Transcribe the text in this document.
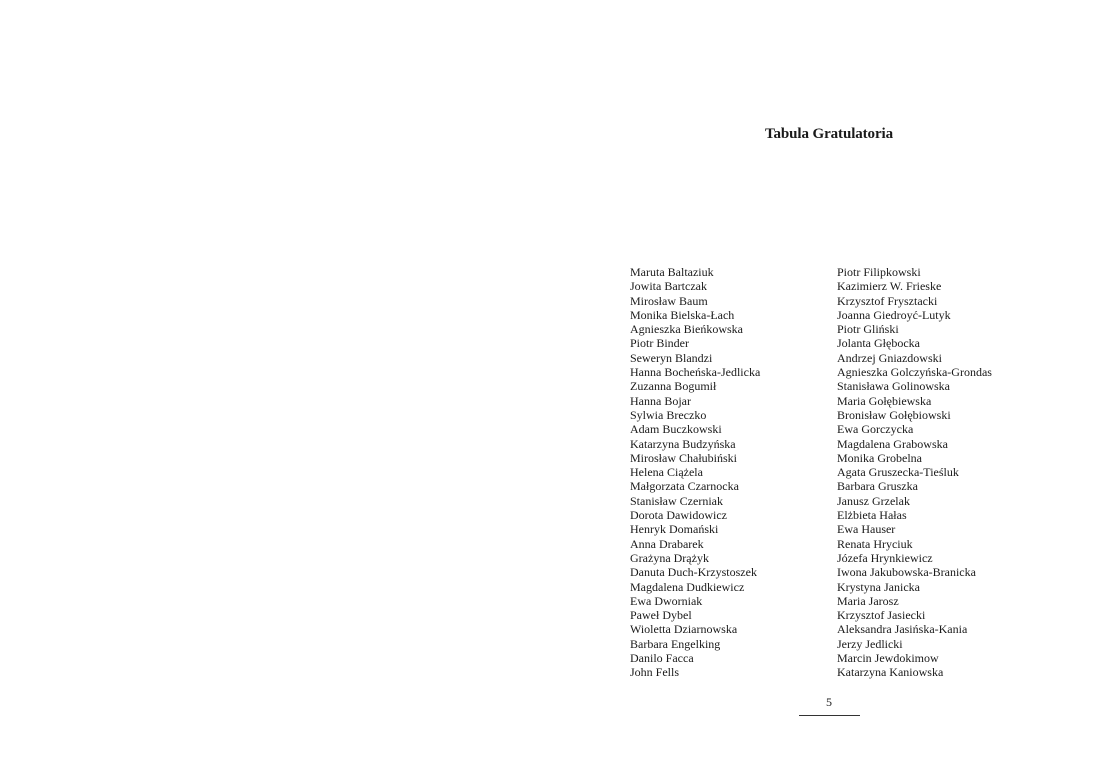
Tabula Gratulatoria
Maruta Baltaziuk
Jowita Bartczak
Mirosław Baum
Monika Bielska-Łach
Agnieszka Bieńkowska
Piotr Binder
Seweryn Blandzi
Hanna Bocheńska-Jedlicka
Zuzanna Bogumił
Hanna Bojar
Sylwia Breczko
Adam Buczkowski
Katarzyna Budzyńska
Mirosław Chałubiński
Helena Ciążela
Małgorzata Czarnocka
Stanisław Czerniak
Dorota Dawidowicz
Henryk Domański
Anna Drabarek
Grażyna Drążyk
Danuta Duch-Krzystoszek
Magdalena Dudkiewicz
Ewa Dworniak
Paweł Dybel
Wioletta Dziarnowska
Barbara Engelking
Danilo Facca
John Fells
Piotr Filipkowski
Kazimierz W. Frieske
Krzysztof Frysztacki
Joanna Giedroyć-Lutyk
Piotr Gliński
Jolanta Głębocka
Andrzej Gniazdowski
Agnieszka Golczyńska-Grondas
Stanisława Golinowska
Maria Gołębiewska
Bronisław Gołębiowski
Ewa Gorczycka
Magdalena Grabowska
Monika Grobelna
Agata Gruszecka-Tieśluk
Barbara Gruszka
Janusz Grzelak
Elżbieta Hałas
Ewa Hauser
Renata Hryciuk
Józefa Hrynkiewicz
Iwona Jakubowska-Branicka
Krystyna Janicka
Maria Jarosz
Krzysztof Jasiecki
Aleksandra Jasińska-Kania
Jerzy Jedlicki
Marcin Jewdokimow
Katarzyna Kaniowska
5
